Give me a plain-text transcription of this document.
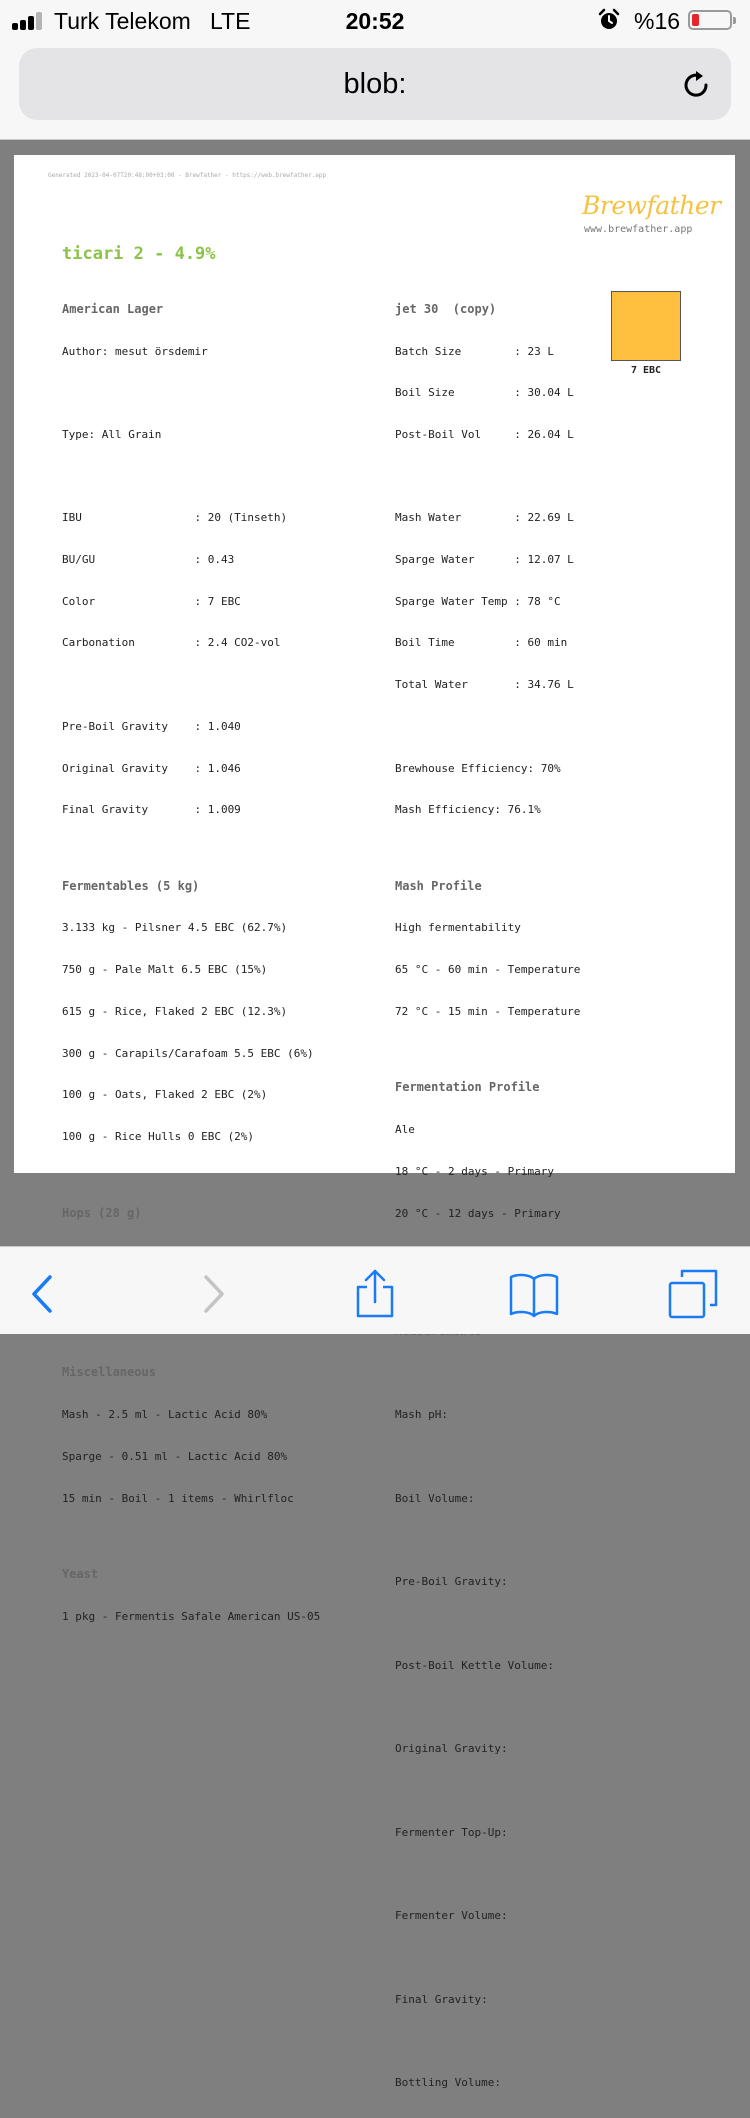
Turk Telekom LTE	20:52	%16
blob:
Generated 2023-04-07T20:48:00+03:00 - Brewfather - https://web.brewfather.app
Brewfather
www.brewfather.app
ticari 2 - 4.9%

American Lager

Author: mesut örsdemir

Type: All Grain

IBU                 : 20 (Tinseth)

BU/GU               : 0.43

Color               : 7 EBC

Carbonation         : 2.4 CO2-vol

Pre-Boil Gravity    : 1.040

Original Gravity    : 1.046

Final Gravity       : 1.009

Fermentables (5 kg)

3.133 kg - Pilsner 4.5 EBC (62.7%)

750 g - Pale Malt 6.5 EBC (15%)

615 g - Rice, Flaked 2 EBC (12.3%)

300 g - Carapils/Carafoam 5.5 EBC (6%)

100 g - Oats, Flaked 2 EBC (2%)

100 g - Rice Hulls 0 EBC (2%)

Hops (28 g)

Miscellaneous

Mash - 2.5 ml - Lactic Acid 80%

Sparge - 0.51 ml - Lactic Acid 80%

15 min - Boil - 1 items - Whirlfloc

Yeast

1 pkg - Fermentis Safale American US-05

jet 30  (copy)

Batch Size        : 23 L

Boil Size         : 30.04 L

Post-Boil Vol     : 26.04 L

Mash Water        : 22.69 L

Sparge Water      : 12.07 L

Sparge Water Temp : 78 °C

Boil Time         : 60 min

Total Water       : 34.76 L

Brewhouse Efficiency: 70%

Mash Efficiency: 76.1%

Mash Profile

High fermentability

65 °C - 60 min - Temperature

72 °C - 15 min - Temperature

Fermentation Profile

Ale

18 °C - 2 days - Primary

20 °C - 12 days - Primary

Mash pH:

Boil Volume:

Pre-Boil Gravity:

Post-Boil Kettle Volume:

Original Gravity:

Fermenter Top-Up:

Fermenter Volume:

Final Gravity:

Bottling Volume:

7 EBC
